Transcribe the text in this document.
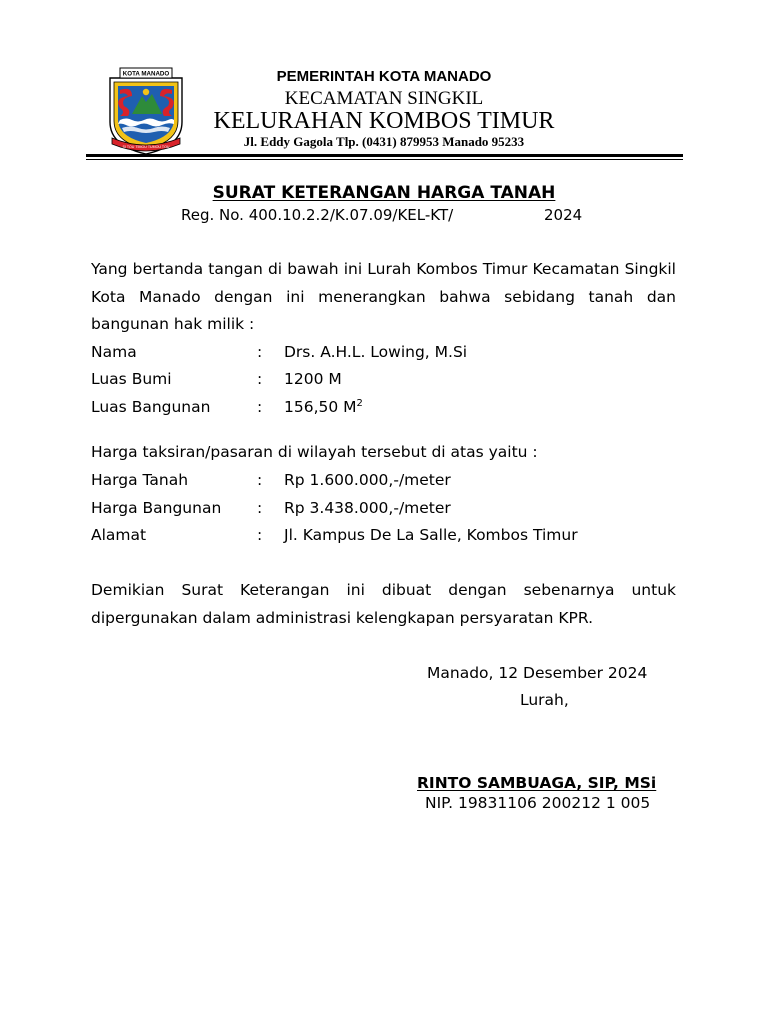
KOTA MANADO
SI TOU TIMOU TUMOU TOU
PEMERINTAH KOTA MANADO
KECAMATAN SINGKIL
KELURAHAN KOMBOS TIMUR
Jl. Eddy Gagola Tlp. (0431) 879953 Manado 95233
SURAT KETERANGAN HARGA TANAH
Reg. No. 400.10.2.2/K.07.09/KEL-KT/	2024
Yang bertanda tangan di bawah ini Lurah Kombos Timur Kecamatan Singkil Kota Manado dengan ini menerangkan bahwa sebidang tanah dan bangunan hak milik :
Nama	: Drs. A.H.L. Lowing, M.Si
Luas Bumi	: 1200 M
Luas Bangunan	: 156,50 $M^2$
Harga taksiran/pasaran di wilayah tersebut di atas yaitu :
Harga Tanah	: Rp 1.600.000,-/meter
Harga Bangunan : Rp 3.438.000,-/meter
Alamat	: Jl. Kampus De La Salle, Kombos Timur
Demikian Surat Keterangan ini dibuat dengan sebenarnya untuk dipergunakan dalam administrasi kelengkapan persyaratan KPR.
Manado, 12 Desember 2024
Lurah,
RINTO SAMBUAGA, SIP, MSi
NIP. 19831106 200212 1 005
